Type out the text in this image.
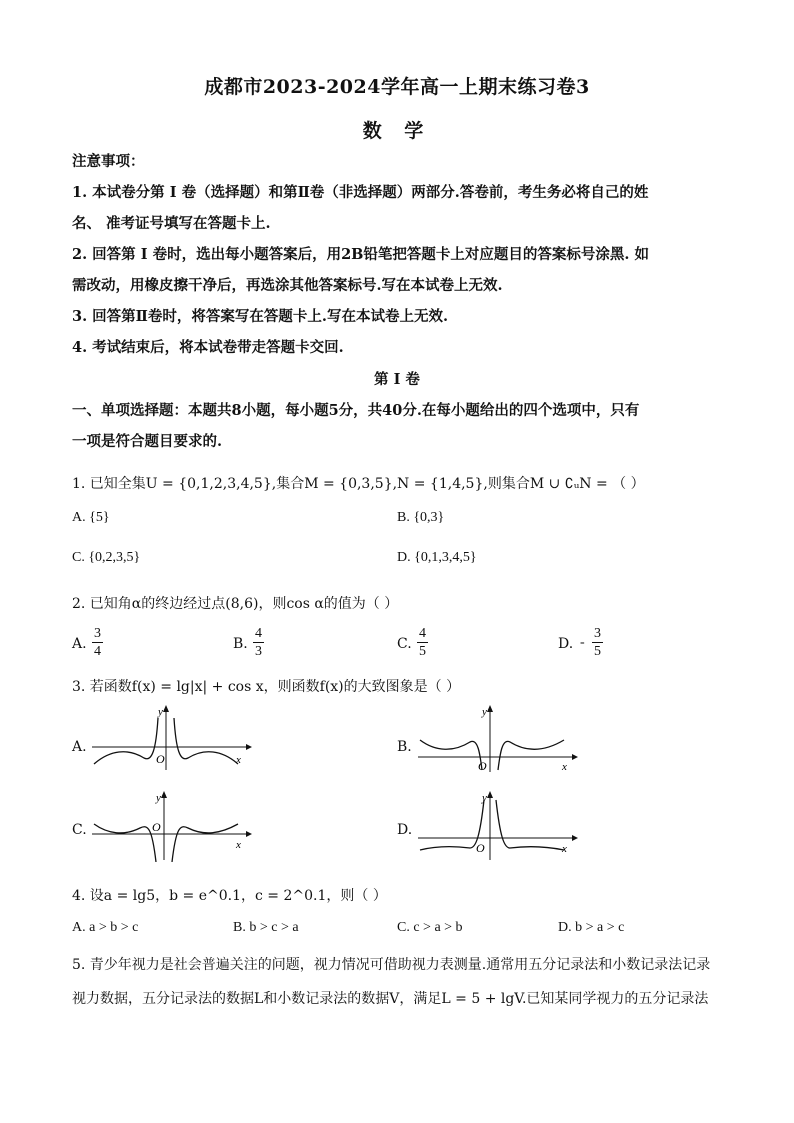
成都市2023-2024学年高一上期末练习卷3
数 学
注意事项：
1. 本试卷分第 I 卷（选择题）和第Ⅱ卷（非选择题）两部分.答卷前，考生务必将自己的姓
名、 准考证号填写在答题卡上.
2. 回答第 I 卷时，选出每小题答案后，用2B铅笔把答题卡上对应题目的答案标号涂黑. 如
需改动，用橡皮擦干净后，再选涂其他答案标号.写在本试卷上无效.
3. 回答第Ⅱ卷时，将答案写在答题卡上.写在本试卷上无效.
4. 考试结束后，将本试卷带走答题卡交回.
第 I 卷
一、单项选择题：本题共8小题，每小题5分，共40分.在每小题给出的四个选项中，只有
一项是符合题目要求的.
1. 已知全集U = {0,1,2,3,4,5},集合M = {0,3,5},N = {1,4,5},则集合M ∪ ∁ᵤN = （ ）
A. {5}	B. {0,3}
C. {0,2,3,5}	D. {0,1,3,4,5}
2. 已知角α的终边经过点(8,6)，则cos α的值为（ ）
A. $\frac{3}{4}$	B. $\frac{4}{3}$	C. $\frac{4}{5}$	D. - $\frac{3}{5}$
3. 若函数f(x) = lg|x| + cos x，则函数f(x)的大致图象是（ ）
A.
y
O	x
B.
y
O	x
C.
y
O
x
D.
y
O	x
4. 设a = lg5，b = e^0.1，c = 2^0.1，则（ ）
A. a > b > c	B. b > c > a	C. c > a > b	D. b > a > c
5. 青少年视力是社会普遍关注的问题，视力情况可借助视力表测量.通常用五分记录法和小数记录法记录
视力数据，五分记录法的数据L和小数记录法的数据V，满足L = 5 + lgV.已知某同学视力的五分记录法
